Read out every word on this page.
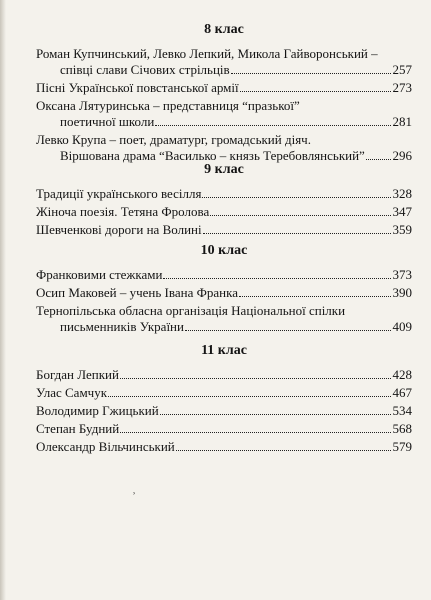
8 клас
Роман Купчинський, Левко Лепкий, Микола Гайворонський –
співці слави Січових стрільців	257
Пісні Української повстанської армії	273
Оксана Лятуринська – представниця “празької”
поетичної школи	281
Левко Крупа – поет, драматург, громадський діяч.
Віршована драма “Василько – князь Теребовлянський” 296
9 клас
Традиції українського весілля	328
Жіноча поезія. Тетяна Фролова	347
Шевченкові дороги на Волині	359
10 клас
Франковими стежками	373
Осип Маковей – учень Івана Франка	390
Тернопільська обласна організація Національної спілки
письменників України	409
11 клас
Богдан Лепкий	428
Улас Самчук	467
Володимир Гжицький	534
Степан Будний	568
Олександр Вільчинський	579
˒
